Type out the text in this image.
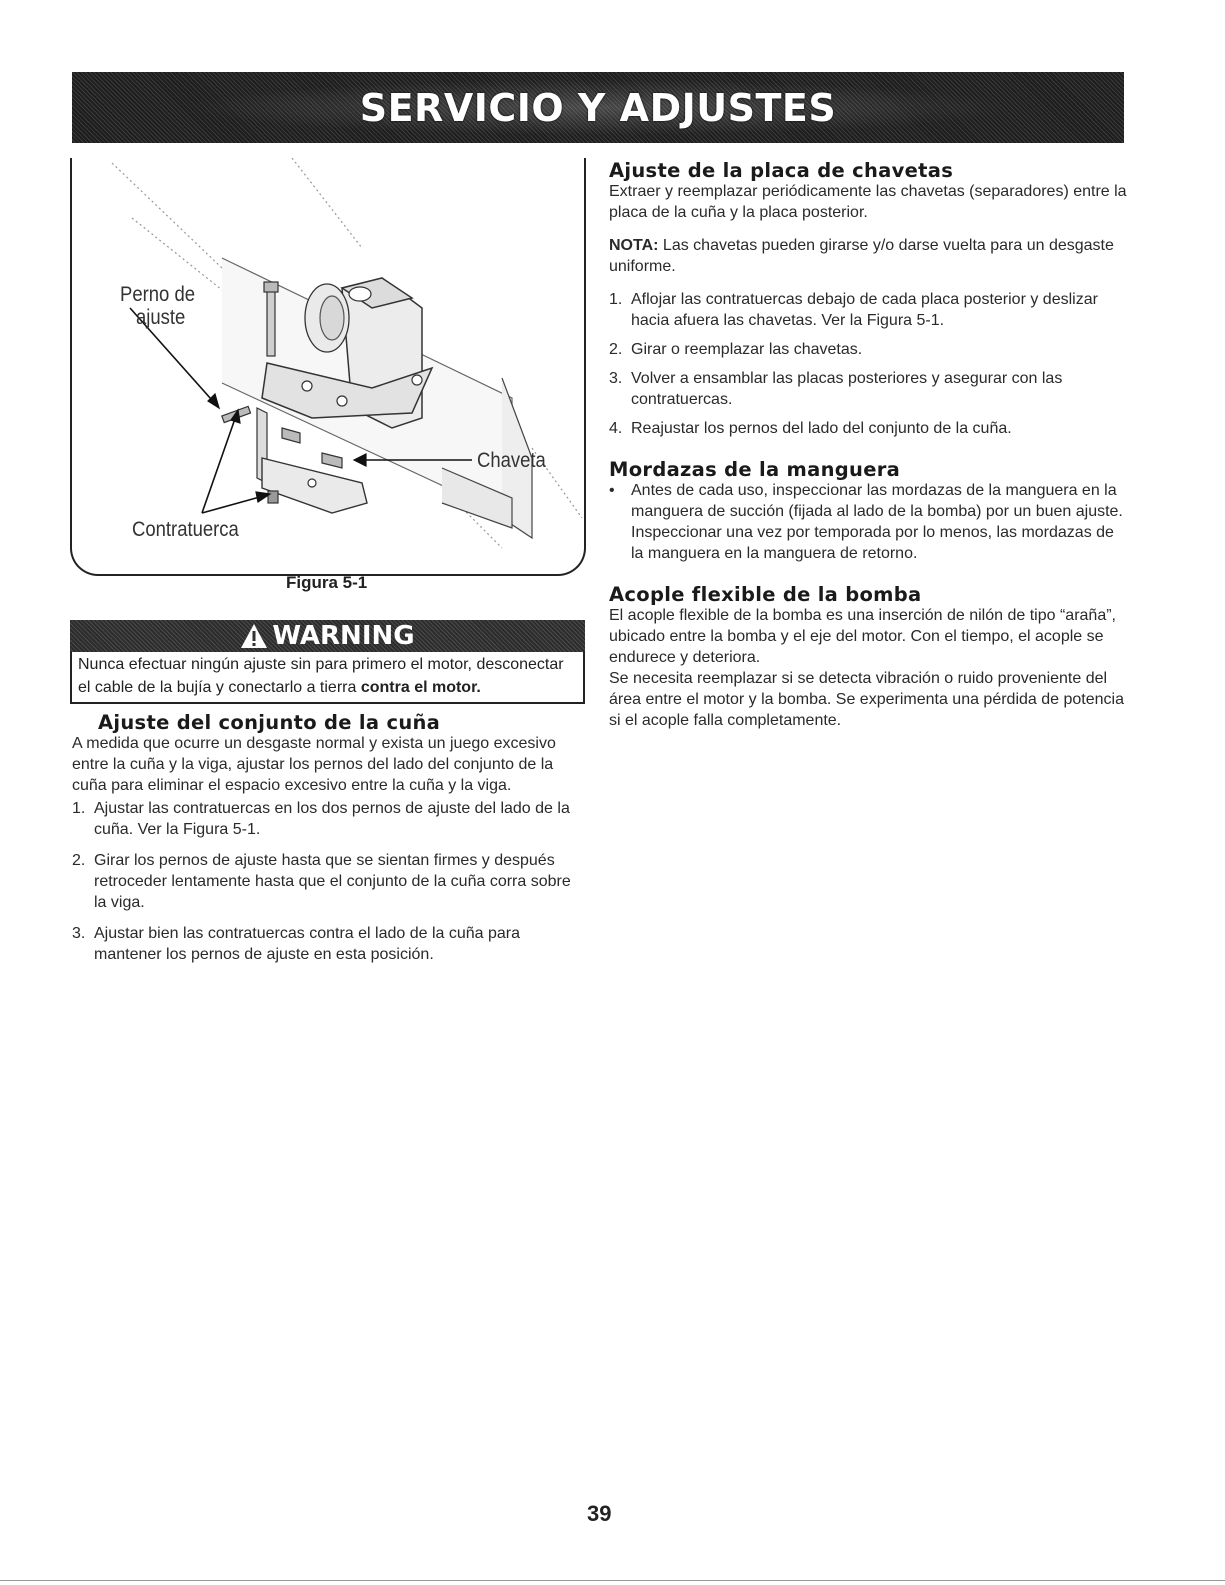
SERVICIO Y ADJUSTES
Perno de
ajuste
Chaveta
Contratuerca
Figura 5-1
WARNING
Nunca efectuar ningún ajuste sin para primero el motor, desconectar el cable de la bujía y conectarlo a tierra contra el motor.
Ajuste del conjunto de la cuña

A medida que ocurre un desgaste normal y exista un juego excesivo entre la cuña y la viga, ajustar los pernos del lado del conjunto de la cuña para eliminar el espacio excesivo entre la cuña y la viga.

1. Ajustar las contratuercas en los dos pernos de ajuste del lado de la cuña. Ver la Figura 5-1.
2. Girar los pernos de ajuste hasta que se sientan firmes y después retroceder lentamente hasta que el conjunto de la cuña corra sobre la viga.
3. Ajustar bien las contratuercas contra el lado de la cuña para mantener los pernos de ajuste en esta posición.
Ajuste de la placa de chavetas

Extraer y reemplazar periódicamente las chavetas (separadores) entre la placa de la cuña y la placa posterior.

NOTA: Las chavetas pueden girarse y/o darse vuelta para un desgaste uniforme.

1. Aflojar las contratuercas debajo de cada placa posterior y deslizar hacia afuera las chavetas. Ver la Figura 5-1.
2. Girar o reemplazar las chavetas.
3. Volver a ensamblar las placas posteriores y asegurar con las contratuercas.
4. Reajustar los pernos del lado del conjunto de la cuña.
Mordazas de la manguera
• Antes de cada uso, inspeccionar las mordazas de la manguera en la manguera de succión (fijada al lado de la bomba) por un buen ajuste. Inspeccionar una vez por temporada por lo menos, las mordazas de la manguera en la manguera de retorno.
Acople flexible de la bomba

El acople flexible de la bomba es una inserción de nilón de tipo “araña”, ubicado entre la bomba y el eje del motor. Con el tiempo, el acople se endurece y deteriora.

Se necesita reemplazar si se detecta vibración o ruido proveniente del área entre el motor y la bomba. Se experimenta una pérdida de potencia si el acople falla completamente.

39
